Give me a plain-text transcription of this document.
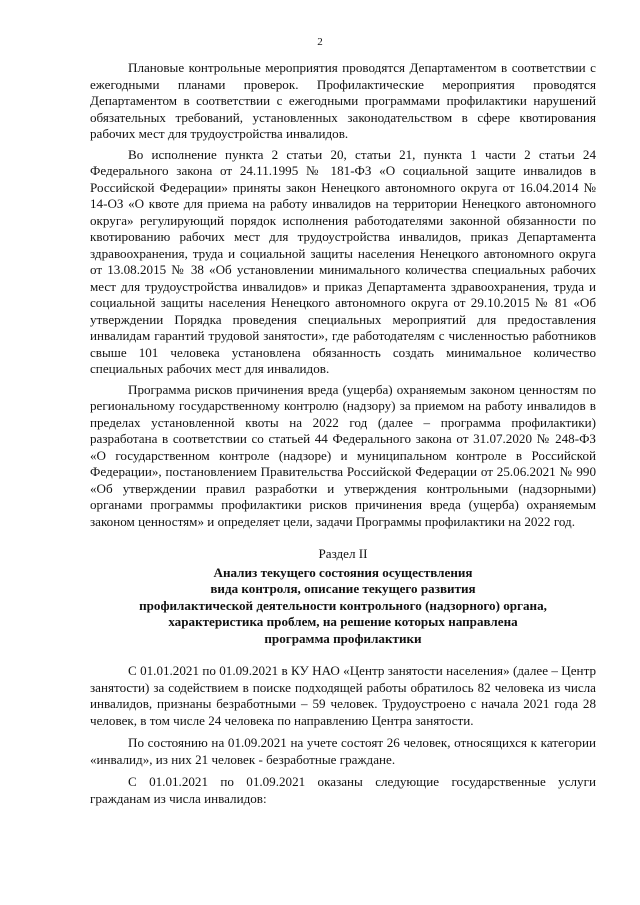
2

Плановые контрольные мероприятия проводятся Департаментом в соответствии с ежегодными планами проверок. Профилактические мероприятия проводятся Департаментом в соответствии с ежегодными программами профилактики нарушений обязательных требований, установленных законодательством в сфере квотирования рабочих мест для трудоустройства инвалидов.

Во исполнение пункта 2 статьи 20, статьи 21, пункта 1 части 2 статьи 24 Федерального закона от 24.11.1995 № 181-ФЗ «О социальной защите инвалидов в Российской Федерации» приняты закон Ненецкого автономного округа от 16.04.2014 № 14-ОЗ «О квоте для приема на работу инвалидов на территории Ненецкого автономного округа» регулирующий порядок исполнения работодателями законной обязанности по квотированию рабочих мест для трудоустройства инвалидов, приказ Департамента здравоохранения, труда и социальной защиты населения Ненецкого автономного округа от 13.08.2015 № 38 «Об установлении минимального количества специальных рабочих мест для трудоустройства инвалидов» и приказ Департамента здравоохранения, труда и социальной защиты населения Ненецкого автономного округа от 29.10.2015 № 81 «Об утверждении Порядка проведения специальных мероприятий для предоставления инвалидам гарантий трудовой занятости», где работодателям с численностью работников свыше 101 человека установлена обязанность создать минимальное количество специальных рабочих мест для инвалидов.

Программа рисков причинения вреда (ущерба) охраняемым законом ценностям по региональному государственному контролю (надзору) за приемом на работу инвалидов в пределах установленной квоты на 2022 год (далее – программа профилактики) разработана в соответствии со статьей 44 Федерального закона от 31.07.2020 № 248-ФЗ «О государственном контроле (надзоре) и муниципальном контроле в Российской Федерации», постановлением Правительства Российской Федерации от 25.06.2021 № 990 «Об утверждении правил разработки и утверждения контрольными (надзорными) органами программы профилактики рисков причинения вреда (ущерба) охраняемым законом ценностям» и определяет цели, задачи Программы профилактики на 2022 год.

Раздел II
Анализ текущего состояния осуществления
вида контроля, описание текущего развития
профилактической деятельности контрольного (надзорного) органа,
характеристика проблем, на решение которых направлена
программа профилактики

С 01.01.2021 по 01.09.2021 в КУ НАО «Центр занятости населения» (далее – Центр занятости) за содействием в поиске подходящей работы обратилось 82 человека из числа инвалидов, признаны безработными – 59 человек. Трудоустроено с начала 2021 года 28 человек, в том числе 24 человека по направлению Центра занятости.

По состоянию на 01.09.2021 на учете состоят 26 человек, относящихся к категории «инвалид», из них 21 человек - безработные граждане.

С 01.01.2021 по 01.09.2021 оказаны следующие государственные услуги гражданам из числа инвалидов:
